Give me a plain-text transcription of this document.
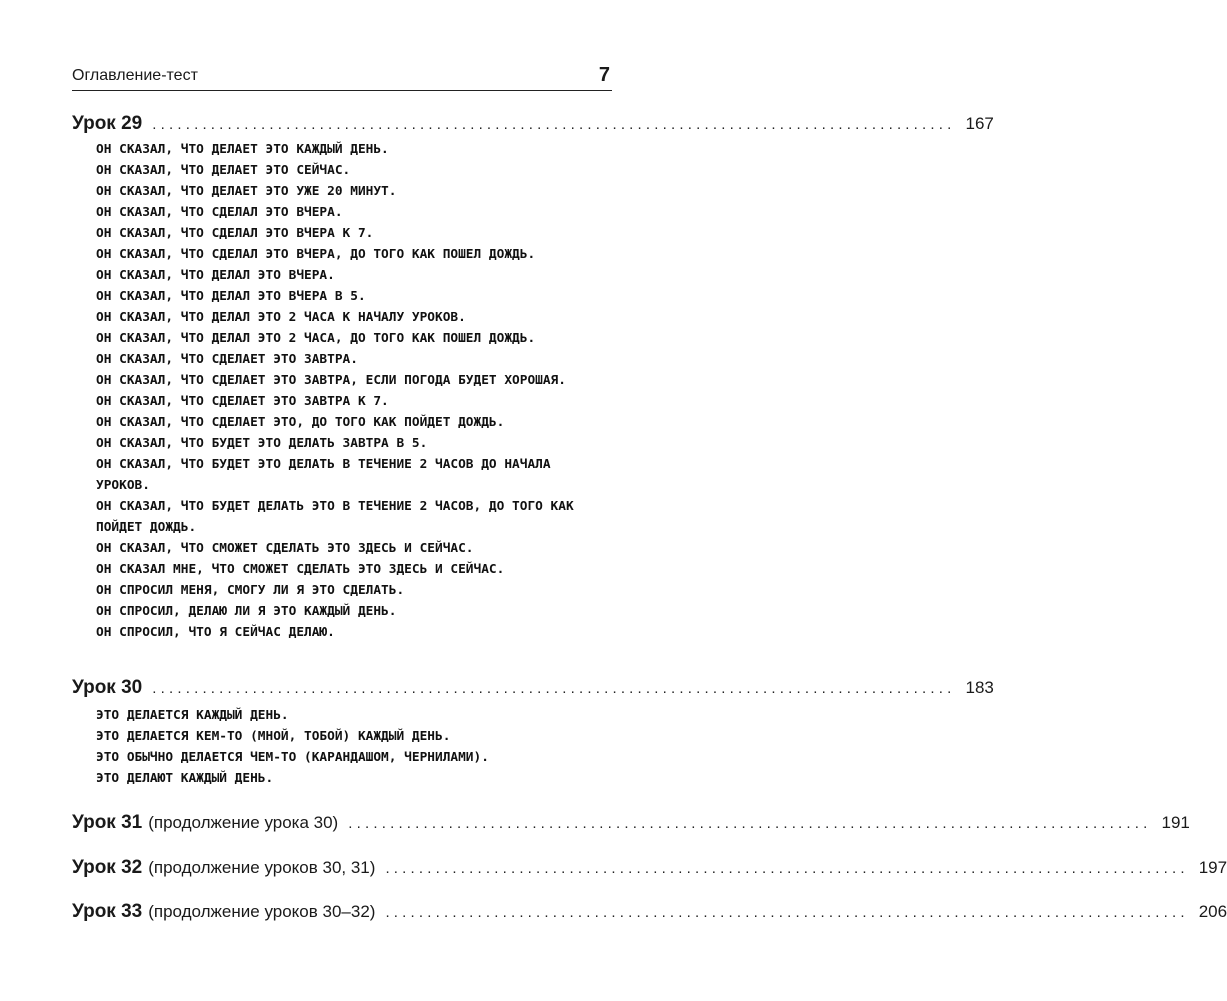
Оглавление-тест	7
Урок 29 ................................................................................................ 167
ОН СКАЗАЛ, ЧТО ДЕЛАЕТ ЭТО КАЖДЫЙ ДЕНЬ.
ОН СКАЗАЛ, ЧТО ДЕЛАЕТ ЭТО СЕЙЧАС.
ОН СКАЗАЛ, ЧТО ДЕЛАЕТ ЭТО УЖЕ 20 МИНУТ.
ОН СКАЗАЛ, ЧТО СДЕЛАЛ ЭТО ВЧЕРА.
ОН СКАЗАЛ, ЧТО СДЕЛАЛ ЭТО ВЧЕРА К 7.
ОН СКАЗАЛ, ЧТО СДЕЛАЛ ЭТО ВЧЕРА, ДО ТОГО КАК ПОШЕЛ ДОЖДЬ.
ОН СКАЗАЛ, ЧТО ДЕЛАЛ ЭТО ВЧЕРА.
ОН СКАЗАЛ, ЧТО ДЕЛАЛ ЭТО ВЧЕРА В 5.
ОН СКАЗАЛ, ЧТО ДЕЛАЛ ЭТО 2 ЧАСА К НАЧАЛУ УРОКОВ.
ОН СКАЗАЛ, ЧТО ДЕЛАЛ ЭТО 2 ЧАСА, ДО ТОГО КАК ПОШЕЛ ДОЖДЬ.
ОН СКАЗАЛ, ЧТО СДЕЛАЕТ ЭТО ЗАВТРА.
ОН СКАЗАЛ, ЧТО СДЕЛАЕТ ЭТО ЗАВТРА, ЕСЛИ ПОГОДА БУДЕТ ХОРОШАЯ.
ОН СКАЗАЛ, ЧТО СДЕЛАЕТ ЭТО ЗАВТРА К 7.
ОН СКАЗАЛ, ЧТО СДЕЛАЕТ ЭТО, ДО ТОГО КАК ПОЙДЕТ ДОЖДЬ.
ОН СКАЗАЛ, ЧТО БУДЕТ ЭТО ДЕЛАТЬ ЗАВТРА В 5.
ОН СКАЗАЛ, ЧТО БУДЕТ ЭТО ДЕЛАТЬ В ТЕЧЕНИЕ 2 ЧАСОВ ДО НАЧАЛА
УРОКОВ.
ОН СКАЗАЛ, ЧТО БУДЕТ ДЕЛАТЬ ЭТО В ТЕЧЕНИЕ 2 ЧАСОВ, ДО ТОГО КАК
ПОЙДЕТ ДОЖДЬ.
ОН СКАЗАЛ, ЧТО СМОЖЕТ СДЕЛАТЬ ЭТО ЗДЕСЬ И СЕЙЧАС.
ОН СКАЗАЛ МНЕ, ЧТО СМОЖЕТ СДЕЛАТЬ ЭТО ЗДЕСЬ И СЕЙЧАС.
ОН СПРОСИЛ МЕНЯ, СМОГУ ЛИ Я ЭТО СДЕЛАТЬ.
ОН СПРОСИЛ, ДЕЛАЮ ЛИ Я ЭТО КАЖДЫЙ ДЕНЬ.
ОН СПРОСИЛ, ЧТО Я СЕЙЧАС ДЕЛАЮ.
Урок 30 ................................................................................................ 183
ЭТО ДЕЛАЕТСЯ КАЖДЫЙ ДЕНЬ.
ЭТО ДЕЛАЕТСЯ КЕМ-ТО (МНОЙ, ТОБОЙ) КАЖДЫЙ ДЕНЬ.
ЭТО ОБЫЧНО ДЕЛАЕТСЯ ЧЕМ-ТО (КАРАНДАШОМ, ЧЕРНИЛАМИ).
ЭТО ДЕЛАЮТ КАЖДЫЙ ДЕНЬ.
Урок 31 (продолжение урока 30) ................................................................................................ 191
Урок 32 (продолжение уроков 30, 31) ................................................................................................ 197
Урок 33 (продолжение уроков 30–32) ................................................................................................ 206
